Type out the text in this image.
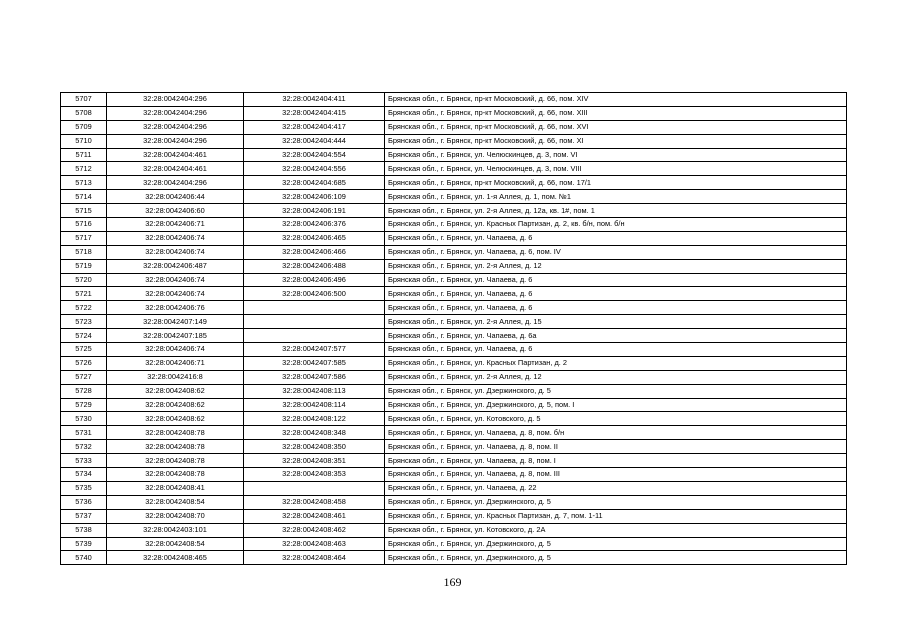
5707	32:28:0042404:296	32:28:0042404:411	Брянская обл., г. Брянск, пр-кт Московский, д. 66, пом. XIV
5708	32:28:0042404:296	32:28:0042404:415	Брянская обл., г. Брянск, пр-кт Московский, д. 66, пом. XIII
5709	32:28:0042404:296	32:28:0042404:417	Брянская обл., г. Брянск, пр-кт Московский, д. 66, пом. XVI
5710	32:28:0042404:296	32:28:0042404:444	Брянская обл., г. Брянск, пр-кт Московский, д. 66, пом. XI
5711	32:28:0042404:461	32:28:0042404:554	Брянская обл., г. Брянск, ул. Челюскинцев, д. 3, пом. VI
5712	32:28:0042404:461	32:28:0042404:556	Брянская обл., г. Брянск, ул. Челюскинцев, д. 3, пом. VIII
5713	32:28:0042404:296	32:28:0042404:685	Брянская обл., г. Брянск, пр-кт Московский, д. 66, пом. 17/1
5714	32:28:0042406:44	32:28:0042406:109	Брянская обл., г. Брянск, ул. 1-я Аллея, д. 1, пом. №1
5715	32:28:0042406:60	32:28:0042406:191	Брянская обл., г. Брянск, ул. 2-я Аллея, д. 12а, кв. 1#, пом. 1
5716	32:28:0042406:71	32:28:0042406:376	Брянская обл., г. Брянск, ул. Красных Партизан, д. 2, кв. б/н, пом. б/н
5717	32:28:0042406:74	32:28:0042406:465	Брянская обл., г. Брянск, ул. Чапаева, д. 6
5718	32:28:0042406:74	32:28:0042406:466	Брянская обл., г. Брянск, ул. Чапаева, д. 6, пом. IV
5719	32:28:0042406:487	32:28:0042406:488	Брянская обл., г. Брянск, ул. 2-я Аллея, д. 12
5720	32:28:0042406:74	32:28:0042406:496	Брянская обл., г. Брянск, ул. Чапаева, д. 6
5721	32:28:0042406:74	32:28:0042406:500	Брянская обл., г. Брянск, ул. Чапаева, д. 6
5722	32:28:0042406:76		Брянская обл., г. Брянск, ул. Чапаева, д. 6
5723	32:28:0042407:149		Брянская обл., г. Брянск, ул. 2-я Аллея, д. 15
5724	32:28:0042407:185		Брянская обл., г. Брянск, ул. Чапаева, д. 6а
5725	32:28:0042406:74	32:28:0042407:577	Брянская обл., г. Брянск, ул. Чапаева, д. 6
5726	32:28:0042406:71	32:28:0042407:585	Брянская обл., г. Брянск, ул. Красных Партизан, д. 2
5727	32:28:0042416:8	32:28:0042407:586	Брянская обл., г. Брянск, ул. 2-я Аллея, д. 12
5728	32:28:0042408:62	32:28:0042408:113	Брянская обл., г. Брянск, ул. Дзержинского, д. 5
5729	32:28:0042408:62	32:28:0042408:114	Брянская обл., г. Брянск, ул. Дзержинского, д. 5, пом. I
5730	32:28:0042408:62	32:28:0042408:122	Брянская обл., г. Брянск, ул. Котовского, д. 5
5731	32:28:0042408:78	32:28:0042408:348	Брянская обл., г. Брянск, ул. Чапаева, д. 8, пом. б/н
5732	32:28:0042408:78	32:28:0042408:350	Брянская обл., г. Брянск, ул. Чапаева, д. 8, пом. II
5733	32:28:0042408:78	32:28:0042408:351	Брянская обл., г. Брянск, ул. Чапаева, д. 8, пом. I
5734	32:28:0042408:78	32:28:0042408:353	Брянская обл., г. Брянск, ул. Чапаева, д. 8, пом. III
5735	32:28:0042408:41		Брянская обл., г. Брянск, ул. Чапаева, д. 22
5736	32:28:0042408:54	32:28:0042408:458	Брянская обл., г. Брянск, ул. Дзержинского, д. 5
5737	32:28:0042408:70	32:28:0042408:461	Брянская обл., г. Брянск, ул. Красных Партизан, д. 7, пом. 1-11
5738	32:28:0042403:101	32:28:0042408:462	Брянская обл., г. Брянск, ул. Котовского, д. 2А
5739	32:28:0042408:54	32:28:0042408:463	Брянская обл., г. Брянск, ул. Дзержинского, д. 5
5740	32:28:0042408:465	32:28:0042408:464	Брянская обл., г. Брянск, ул. Дзержинского, д. 5
169
